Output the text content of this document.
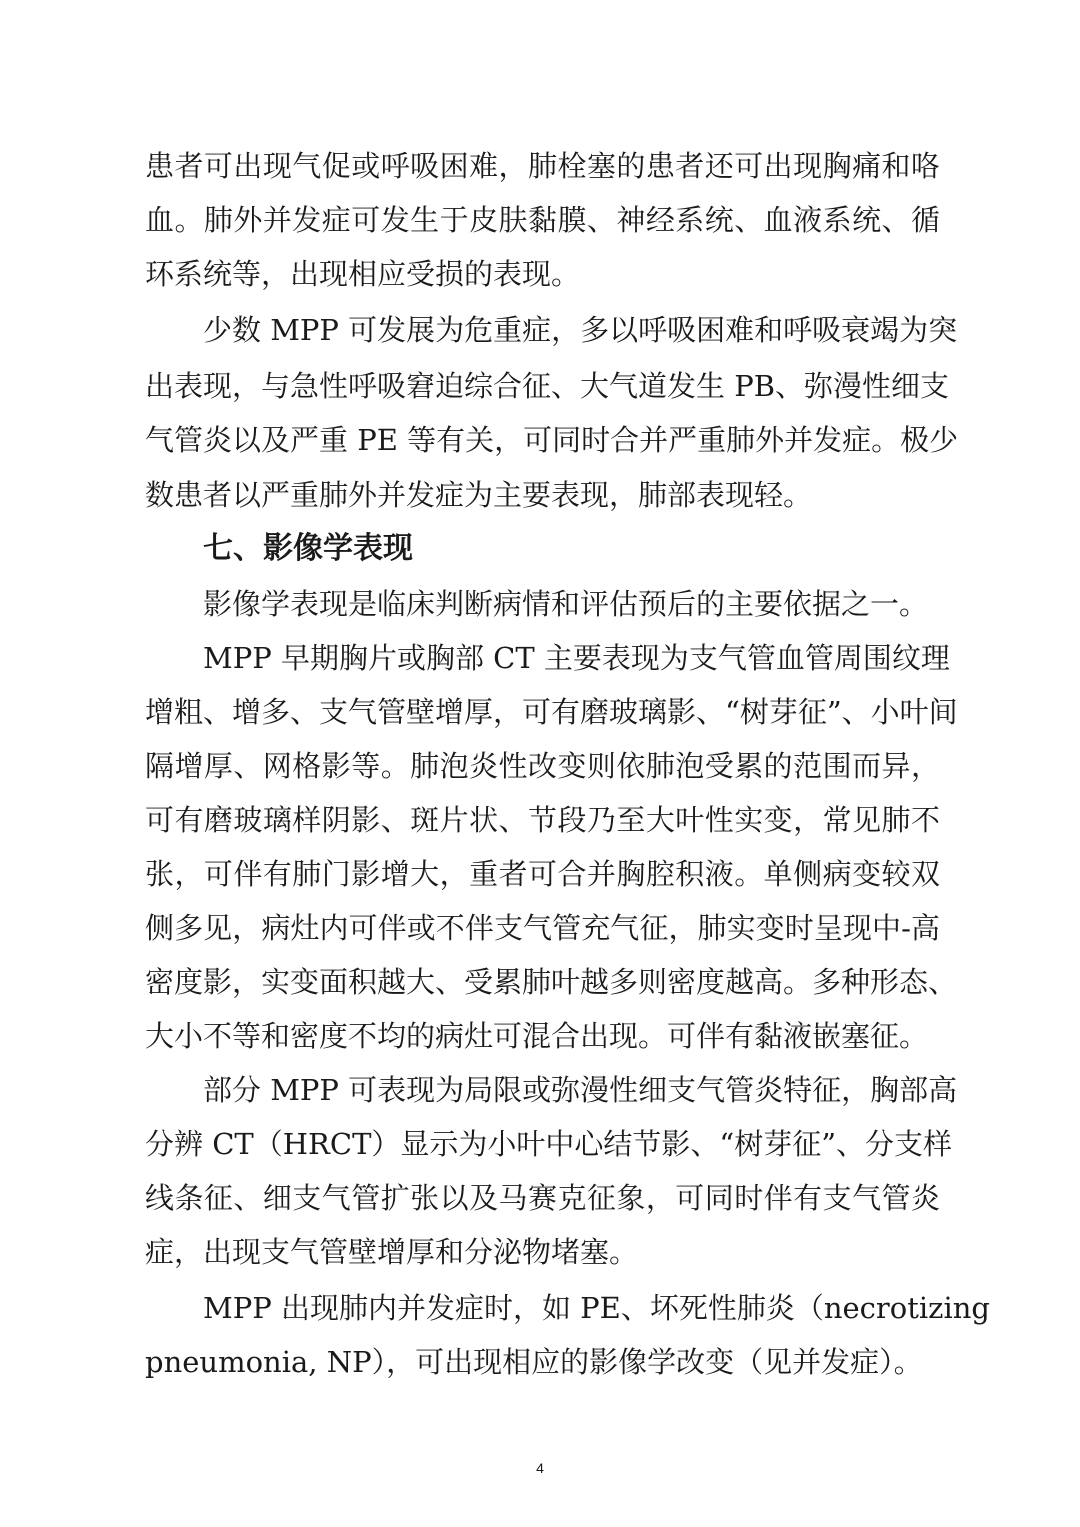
患者可出现气促或呼吸困难，肺栓塞的患者还可出现胸痛和咯
血。肺外并发症可发生于皮肤黏膜、神经系统、血液系统、循
环系统等，出现相应受损的表现。
少数 MPP 可发展为危重症，多以呼吸困难和呼吸衰竭为突
出表现，与急性呼吸窘迫综合征、大气道发生 PB、弥漫性细支
气管炎以及严重 PE 等有关，可同时合并严重肺外并发症。极少
数患者以严重肺外并发症为主要表现，肺部表现轻。
七、影像学表现
影像学表现是临床判断病情和评估预后的主要依据之一。
MPP 早期胸片或胸部 CT 主要表现为支气管血管周围纹理
增粗、增多、支气管壁增厚，可有磨玻璃影、“树芽征”、小叶间
隔增厚、网格影等。肺泡炎性改变则依肺泡受累的范围而异，
可有磨玻璃样阴影、斑片状、节段乃至大叶性实变，常见肺不
张，可伴有肺门影增大，重者可合并胸腔积液。单侧病变较双
侧多见，病灶内可伴或不伴支气管充气征，肺实变时呈现中-高
密度影，实变面积越大、受累肺叶越多则密度越高。多种形态、
大小不等和密度不均的病灶可混合出现。可伴有黏液嵌塞征。
部分 MPP 可表现为局限或弥漫性细支气管炎特征，胸部高
分辨 CT（HRCT）显示为小叶中心结节影、“树芽征”、分支样
线条征、细支气管扩张以及马赛克征象，可同时伴有支气管炎
症，出现支气管壁增厚和分泌物堵塞。
MPP 出现肺内并发症时，如 PE、坏死性肺炎（necrotizing
pneumonia, NP），可出现相应的影像学改变（见并发症）。
4
